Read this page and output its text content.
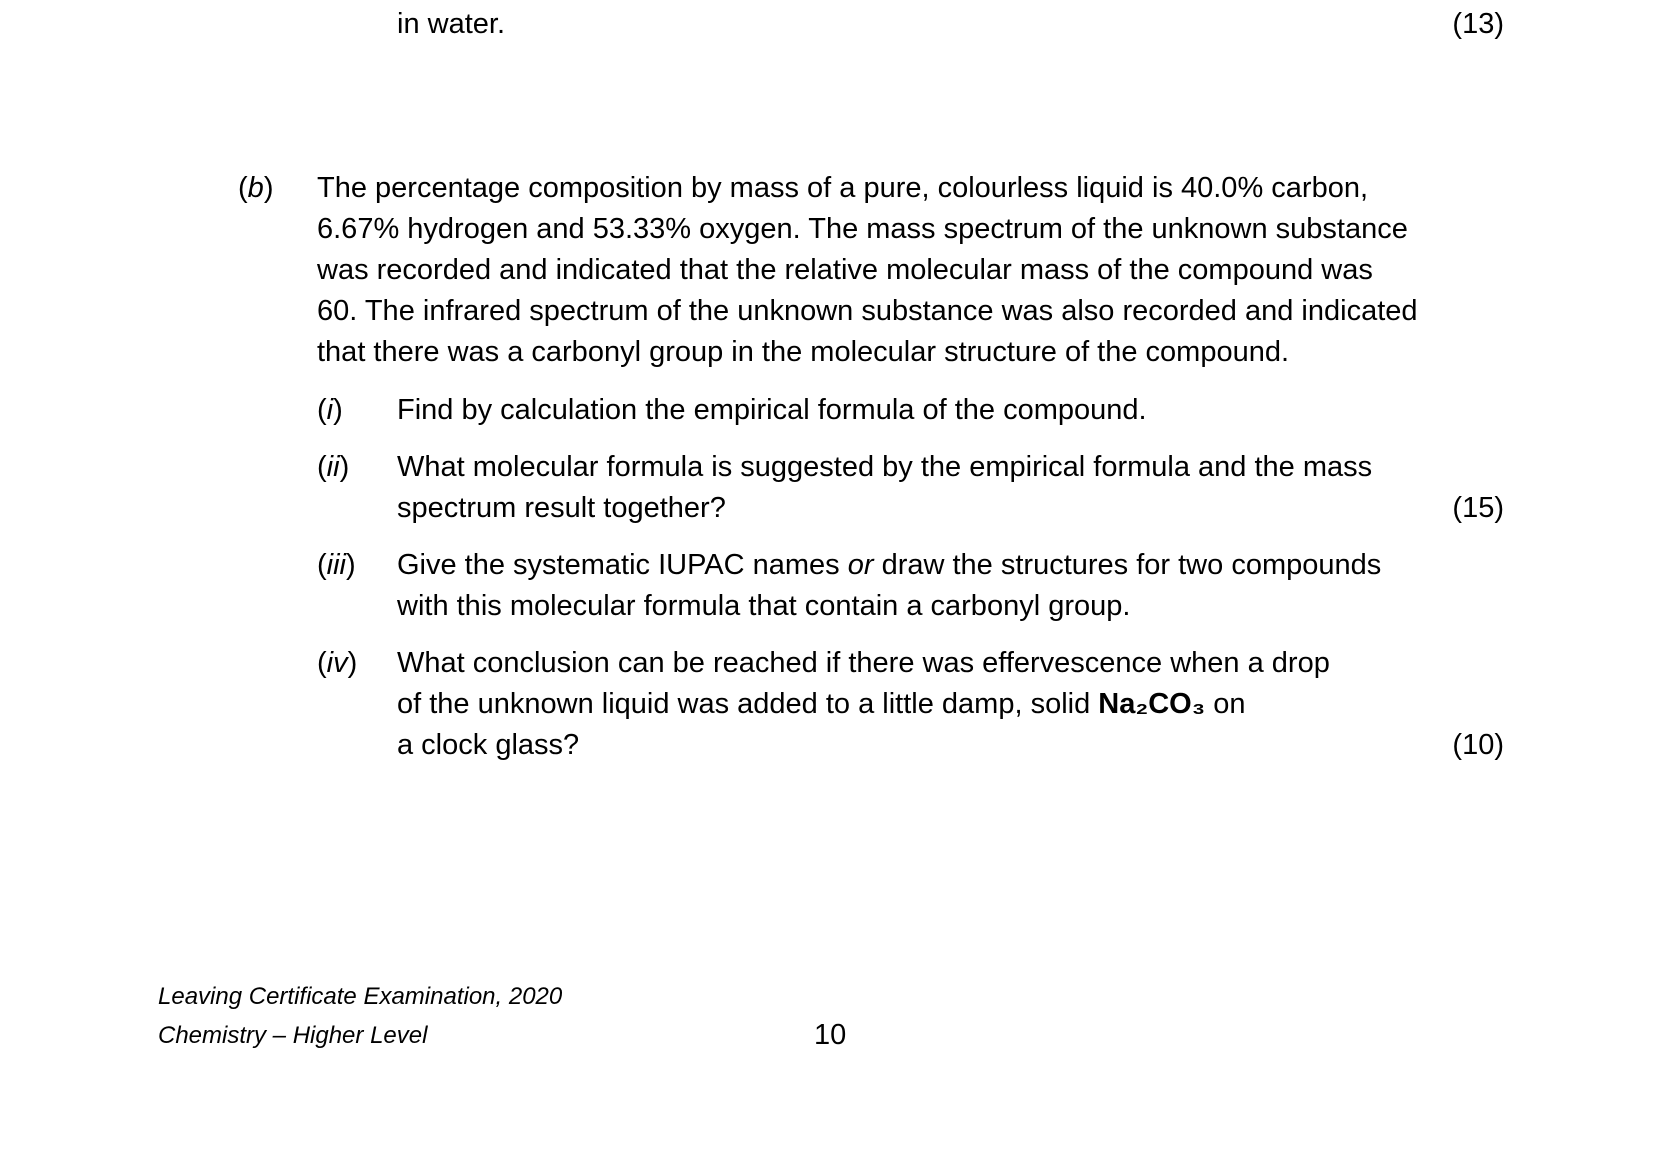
in water.	(13)
(b) The percentage composition by mass of a pure, colourless liquid is 40.0% carbon,
6.67% hydrogen and 53.33% oxygen. The mass spectrum of the unknown substance
was recorded and indicated that the relative molecular mass of the compound was
60. The infrared spectrum of the unknown substance was also recorded and indicated
that there was a carbonyl group in the molecular structure of the compound.
(i) Find by calculation the empirical formula of the compound.
(ii) What molecular formula is suggested by the empirical formula and the mass
spectrum result together?	(15)
(iii) Give the systematic IUPAC names or draw the structures for two compounds
with this molecular formula that contain a carbonyl group.
(iv) What conclusion can be reached if there was effervescence when a drop
of the unknown liquid was added to a little damp, solid Na₂CO₃ on
a clock glass?	(10)
Leaving Certificate Examination, 2020
Chemistry – Higher Level	10
